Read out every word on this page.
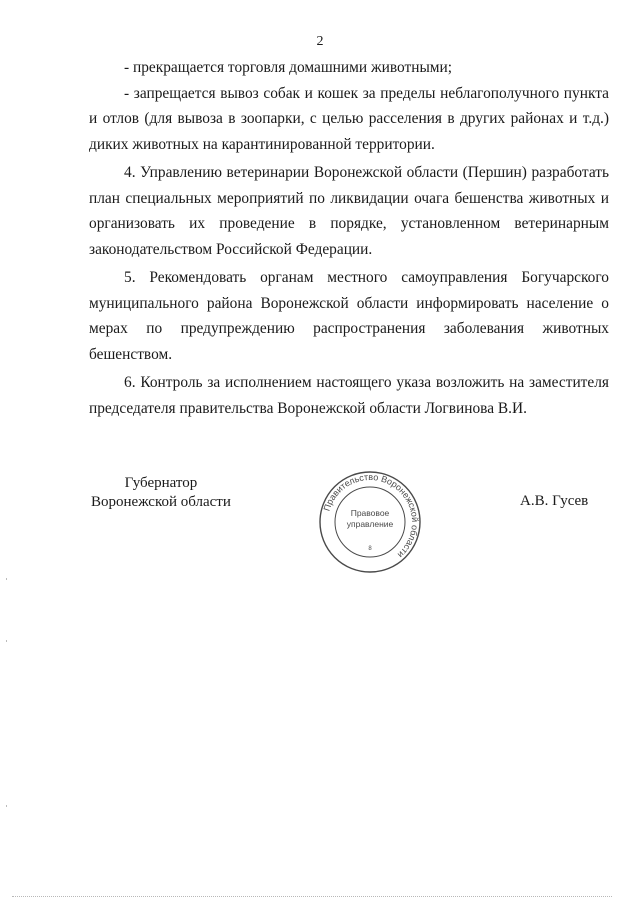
2

- прекращается торговля домашними животными;

- запрещается вывоз собак и кошек за пределы неблагополучного пункта и отлов (для вывоза в зоопарки, с целью расселения в других районах и т.д.) диких животных на карантинированной территории.

4. Управлению ветеринарии Воронежской области (Першин) разработать план специальных мероприятий по ликвидации очага бешенства животных и организовать их проведение в порядке, установленном ветеринарным законодательством Российской Федерации.

5. Рекомендовать органам местного самоуправления Богучарского муниципального района Воронежской области информировать население о мерах по предупреждению распространения заболевания животных бешенством.

6. Контроль за исполнением настоящего указа возложить на заместителя председателя правительства Воронежской области Логвинова В.И.

Губернатор
Воронежской области	Правительство Воронежской области
Правовое
управление
8
А.В. Гусев
